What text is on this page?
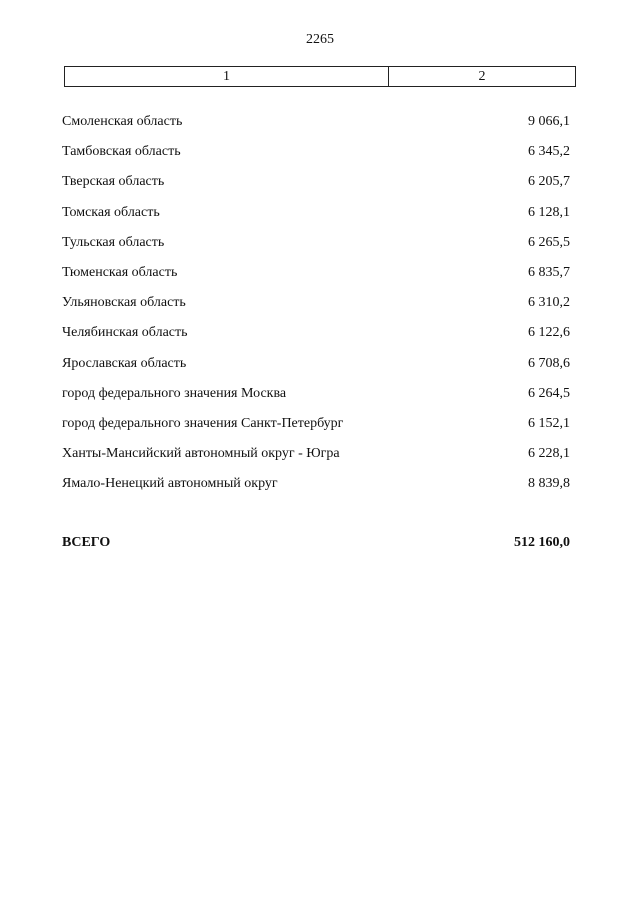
2265
1	2
Смоленская область	9 066,1
Тамбовская область	6 345,2
Тверская область	6 205,7
Томская область	6 128,1
Тульская область	6 265,5
Тюменская область	6 835,7
Ульяновская область	6 310,2
Челябинская область	6 122,6
Ярославская область	6 708,6
город федерального значения Москва	6 264,5
город федерального значения Санкт-Петербург	6 152,1
Ханты-Мансийский автономный округ - Югра	6 228,1
Ямало-Ненецкий автономный округ	8 839,8
ВСЕГО	512 160,0
